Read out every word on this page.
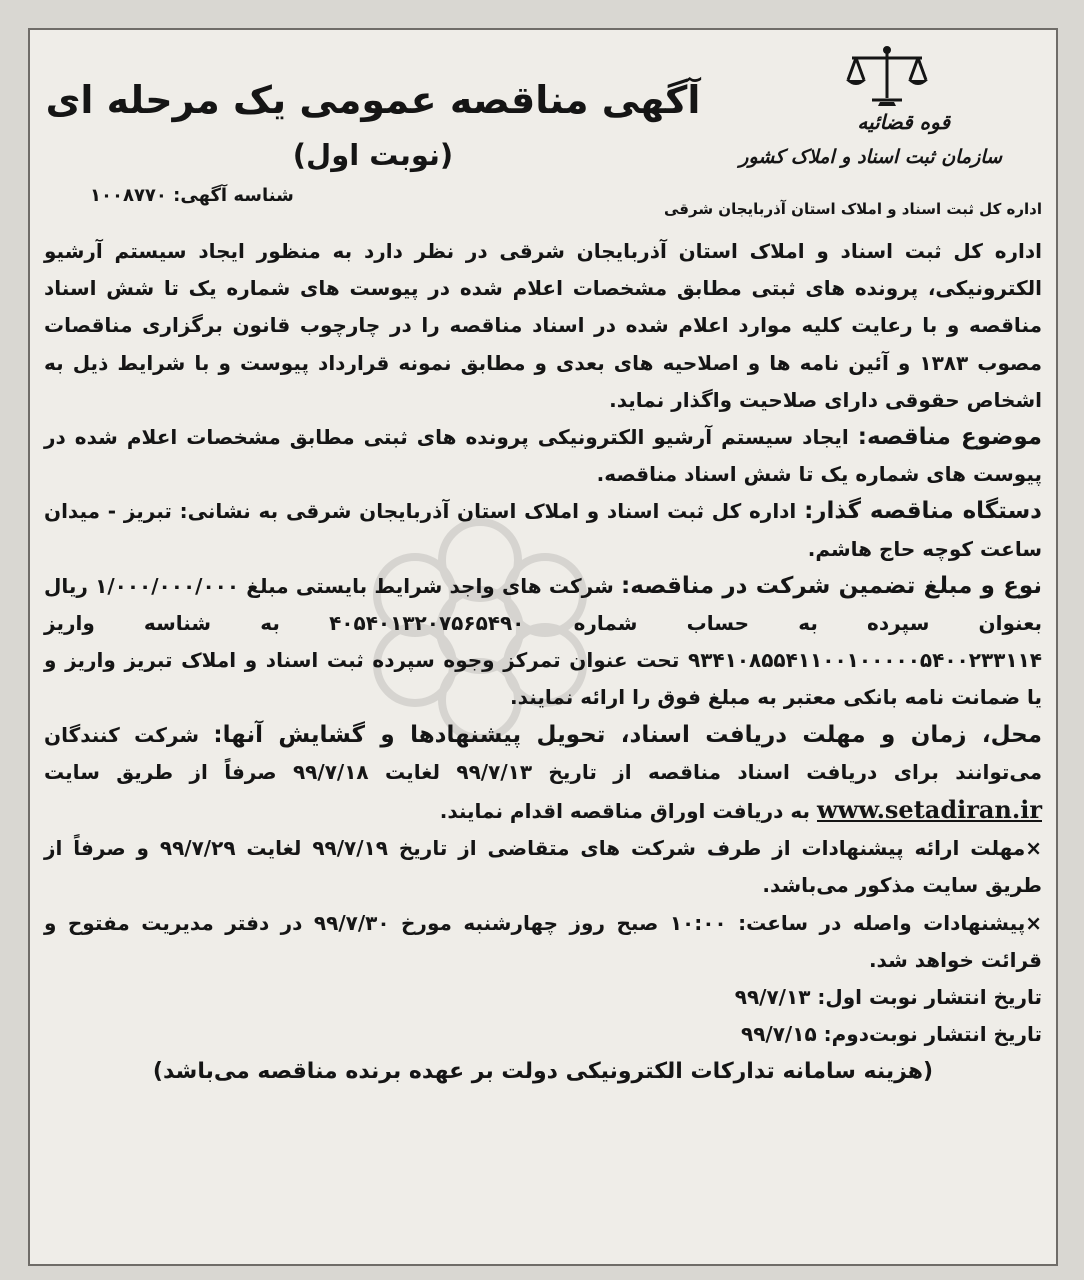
قوه قضائیه
سازمان ثبت اسناد و املاک کشور
اداره کل ثبت اسناد و املاک استان آذربایجان شرقی
آگهی مناقصه عمومی یک مرحله ای
(نوبت اول)
شناسه آگهی: ۱۰۰۸۷۷۰

اداره کل ثبت اسناد و املاک استان آذربایجان شرقی در نظر دارد به منظور ایجاد سیستم آرشیو الکترونیکی، پرونده های ثبتی مطابق مشخصات اعلام شده در پیوست های شماره یک تا شش اسناد مناقصه و با رعایت کلیه موارد اعلام شده در اسناد مناقصه را در چارچوب قانون برگزاری مناقصات مصوب ۱۳۸۳ و آئین نامه ها و اصلاحیه های بعدی و مطابق نمونه قرارداد پیوست و با شرایط ذیل به اشخاص حقوقی دارای صلاحیت واگذار نماید.

موضوع مناقصه: ایجاد سیستم آرشیو الکترونیکی پرونده های ثبتی مطابق مشخصات اعلام شده در پیوست های شماره یک تا شش اسناد مناقصه.

دستگاه مناقصه گذار: اداره کل ثبت اسناد و املاک استان آذربایجان شرقی به نشانی: تبریز - میدان ساعت کوچه حاج هاشم.

نوع و مبلغ تضمین شرکت در مناقصه: شرکت های واجد شرایط بایستی مبلغ ۱/۰۰۰/۰۰۰/۰۰۰ ریال بعنوان سپرده به حساب شماره ۴۰۵۴۰۱۳۲۰۷۵۶۵۴۹۰ به شناسه واریز ۹۳۴۱۰۸۵۵۴۱۱۰۰۱۰۰۰۰۰۵۴۰۰۲۳۳۱۱۴ تحت عنوان تمرکز وجوه سپرده ثبت اسناد و املاک تبریز واریز و یا ضمانت نامه بانکی معتبر به مبلغ فوق را ارائه نمایند.

محل، زمان و مهلت دریافت اسناد، تحویل پیشنهادها و گشایش آنها: شرکت کنندگان می‌توانند برای دریافت اسناد مناقصه از تاریخ ۹۹/۷/۱۳ لغایت ۹۹/۷/۱۸ صرفاً از طریق سایت www.setadiran.ir به دریافت اوراق مناقصه اقدام نمایند.

×مهلت ارائه پیشنهادات از طرف شرکت های متقاضی از تاریخ ۹۹/۷/۱۹ لغایت ۹۹/۷/۲۹ و صرفاً از طریق سایت مذکور می‌باشد.

×پیشنهادات واصله در ساعت: ۱۰:۰۰ صبح روز چهارشنبه مورخ ۹۹/۷/۳۰ در دفتر مدیریت مفتوح و قرائت خواهد شد.

تاریخ انتشار نوبت اول: ۹۹/۷/۱۳

تاریخ انتشار نوبت‌دوم: ۹۹/۷/۱۵

(هزینه سامانه تدارکات الکترونیکی دولت بر عهده برنده مناقصه می‌باشد)
